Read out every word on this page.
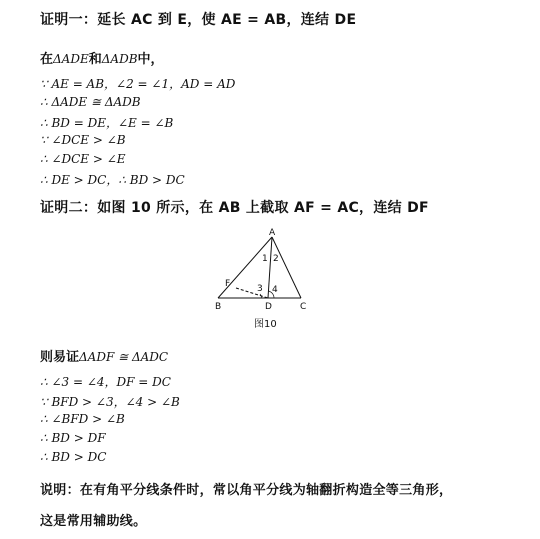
证明一：延长 AC 到 E，使 AE = AB，连结 DE
在ΔADE和ΔADB中，
∵ AE = AB，∠2 = ∠1，AD = AD
∴ ΔADE ≅ ΔADB
∴ BD = DE，∠E = ∠B
∵ ∠DCE > ∠B
∴ ∠DCE > ∠E
∴ DE > DC，∴ BD > DC
证明二：如图 10 所示，在 AB 上截取 AF = AC，连结 DF
A
B	C
D
F
1 2
3 4
图10
则易证ΔADF ≅ ΔADC
∴ ∠3 = ∠4，DF = DC
∵ BFD > ∠3，∠4 > ∠B
∴ ∠BFD > ∠B
∴ BD > DF
∴ BD > DC
说明：在有角平分线条件时，常以角平分线为轴翻折构造全等三角形，
这是常用辅助线。
